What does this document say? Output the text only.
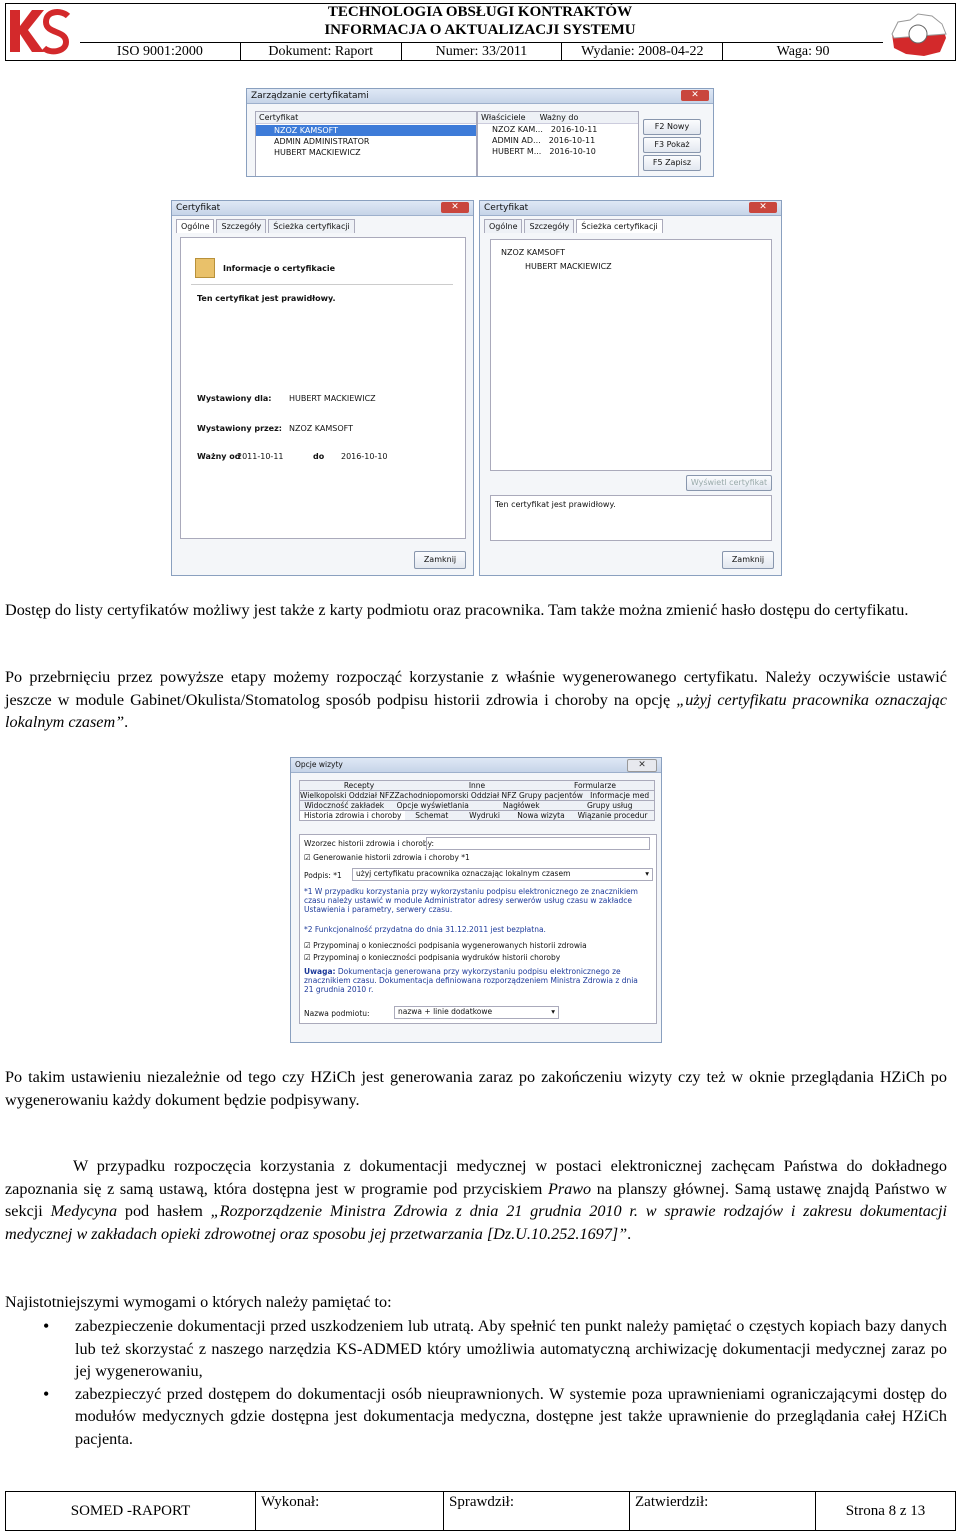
TECHNOLOGIA OBSŁUGI KONTRAKTÓW
INFORMACJA O AKTUALIZACJI SYSTEMU
ISO 9001:2000	Dokument: Raport	Numer: 33/2011	Wydanie: 2008-04-22	Waga: 90
Zarządzanie certyfikatami	✕
Certyfikat
NZOZ KAMSOFT
ADMIN ADMINISTRATOR
HUBERT MACKIEWICZ
Właściciele Ważny do
NZOZ KAM... 2016-10-11
ADMIN AD... 2016-10-11
HUBERT M... 2016-10-10
F2 Nowy
F3 Pokaż
F5 Zapisz
Certyfikat	✕
Ogólne	Szczegóły	Ścieżka certyfikacji
Informacje o certyfikacie
Ten certyfikat jest prawidłowy.
Wystawiony dla: HUBERT MACKIEWICZ
Wystawiony przez: NZOZ KAMSOFT
Ważny od
2011-10-11	do 2016-10-10
Zamknij
Certyfikat	✕
Ogólne	Szczegóły	Ścieżka certyfikacji
NZOZ KAMSOFT
HUBERT MACKIEWICZ
Wyświetl certyfikat
Ten certyfikat jest prawidłowy.
Zamknij
Dostęp do listy certyfikatów możliwy jest także z karty podmiotu oraz pracownika. Tam także można zmienić hasło dostępu do certyfikatu.
Po przebrnięciu przez powyższe etapy możemy rozpocząć korzystanie z właśnie wygenerowanego certyfikatu. Należy oczywiście ustawić jeszcze w module Gabinet/Okulista/Stomatolog sposób podpisu historii zdrowia i choroby na opcję „użyj certyfikatu pracownika oznaczając lokalnym czasem”.
Opcje wizyty	✕
Recepty	Inne	Formularze
Wielkopolski Oddział NFZ Zachodniopomorski Oddział NFZ Grupy pacjentów Informacje med
Widoczność zakładek	Opcje wyświetlania	Nagłówek	Grupy usług
Historia zdrowia i choroby	Schemat	Wydruki	Nowa wizyta	Wiązanie procedur
Wzorzec historii zdrowia i choroby:
☑ Generowanie historii zdrowia i choroby *1
Podpis: *1	użyj certyfikatu pracownika oznaczając lokalnym czasem	▾
*1 W przypadku korzystania przy wykorzystaniu podpisu elektronicznego ze znacznikiem czasu należy ustawić w module Administrator adresy serwerów usług czasu w zakładce Ustawienia i parametry, serwery czasu.
*2 Funkcjonalność przydatna do dnia 31.12.2011 jest bezpłatna.
☑ Przypominaj o konieczności podpisania wygenerowanych historii zdrowia
☑ Przypominaj o konieczności podpisania wydruków historii choroby
Uwaga: Dokumentacja generowana przy wykorzystaniu podpisu elektronicznego ze znacznikiem czasu. Dokumentacja definiowana rozporządzeniem Ministra Zdrowia z dnia 21 grudnia 2010 r.
Nazwa podmiotu:	nazwa + linie dodatkowe	▾
Po takim ustawieniu niezależnie od tego czy HZiCh jest generowania zaraz po zakończeniu wizyty czy też w oknie przeglądania HZiCh po wygenerowaniu każdy dokument będzie podpisywany.
W przypadku rozpoczęcia korzystania z dokumentacji medycznej w postaci elektronicznej zachęcam Państwa do dokładnego zapoznania się z samą ustawą, która dostępna jest w programie pod przyciskiem Prawo na planszy głównej. Samą ustawę znajdą Państwo w sekcji Medycyna pod hasłem „Rozporządzenie Ministra Zdrowia z dnia 21 grudnia 2010 r. w sprawie rodzajów i zakresu dokumentacji medycznej w zakładach opieki zdrowotnej oraz sposobu jej przetwarzania [Dz.U.10.252.1697]”.
Najistotniejszymi wymogami o których należy pamiętać to:
• zabezpieczenie dokumentacji przed uszkodzeniem lub utratą. Aby spełnić ten punkt należy pamiętać o częstych kopiach bazy danych lub też skorzystać z naszego narzędzia KS-ADMED który umożliwia automatyczną archiwizację dokumentacji medycznej zaraz po jej wygenerowaniu,
• zabezpieczyć przed dostępem do dokumentacji osób nieuprawnionych. W systemie poza uprawnieniami ograniczającymi dostęp do modułów medycznych gdzie dostępna jest dokumentacja medyczna, dostępne jest także uprawnienie do przeglądania całej HZiCh pacjenta.
SOMED -RAPORT
Wykonał:	Sprawdził:	Zatwierdził:
Strona 8 z 13
